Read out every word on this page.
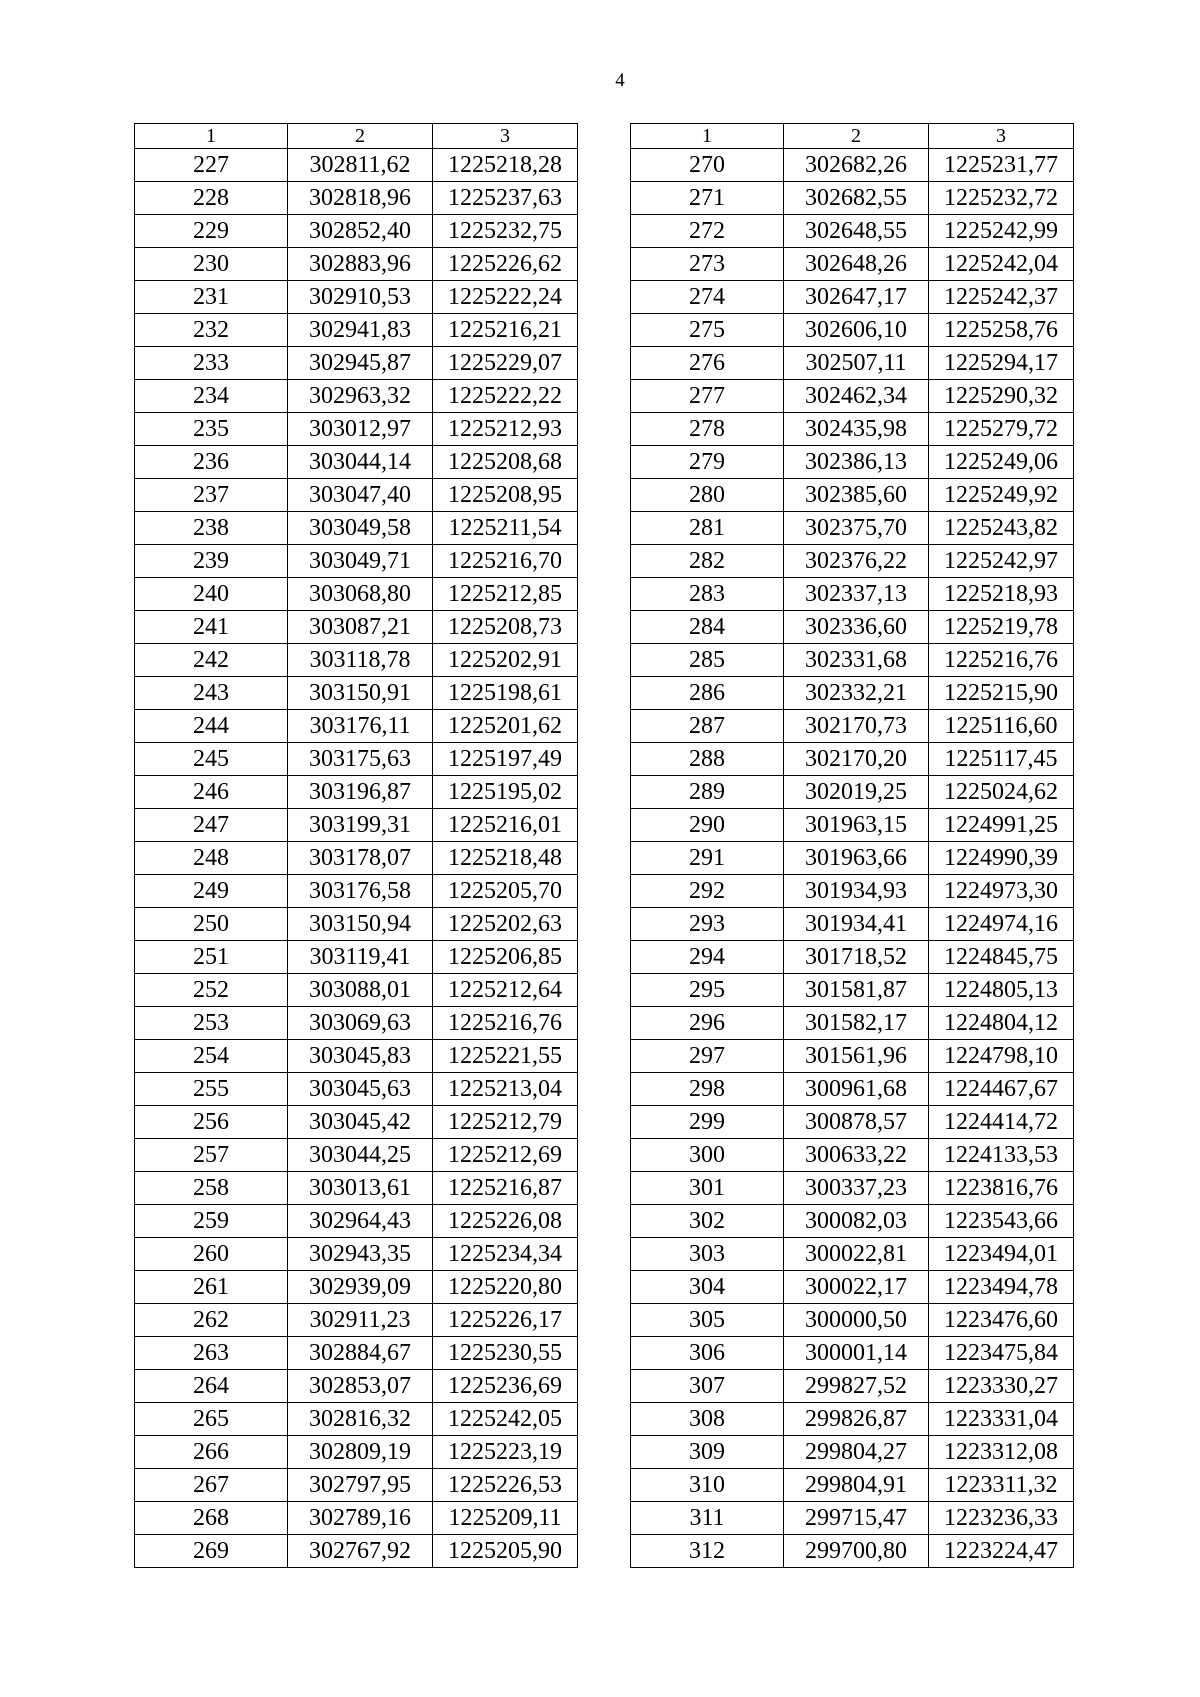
4
1	2	3
227	302811,62	1225218,28
228	302818,96	1225237,63
229	302852,40	1225232,75
230	302883,96	1225226,62
231	302910,53	1225222,24
232	302941,83	1225216,21
233	302945,87	1225229,07
234	302963,32	1225222,22
235	303012,97	1225212,93
236	303044,14	1225208,68
237	303047,40	1225208,95
238	303049,58	1225211,54
239	303049,71	1225216,70
240	303068,80	1225212,85
241	303087,21	1225208,73
242	303118,78	1225202,91
243	303150,91	1225198,61
244	303176,11	1225201,62
245	303175,63	1225197,49
246	303196,87	1225195,02
247	303199,31	1225216,01
248	303178,07	1225218,48
249	303176,58	1225205,70
250	303150,94	1225202,63
251	303119,41	1225206,85
252	303088,01	1225212,64
253	303069,63	1225216,76
254	303045,83	1225221,55
255	303045,63	1225213,04
256	303045,42	1225212,79
257	303044,25	1225212,69
258	303013,61	1225216,87
259	302964,43	1225226,08
260	302943,35	1225234,34
261	302939,09	1225220,80
262	302911,23	1225226,17
263	302884,67	1225230,55
264	302853,07	1225236,69
265	302816,32	1225242,05
266	302809,19	1225223,19
267	302797,95	1225226,53
268	302789,16	1225209,11
269	302767,92	1225205,90
1	2	3
270	302682,26	1225231,77
271	302682,55	1225232,72
272	302648,55	1225242,99
273	302648,26	1225242,04
274	302647,17	1225242,37
275	302606,10	1225258,76
276	302507,11	1225294,17
277	302462,34	1225290,32
278	302435,98	1225279,72
279	302386,13	1225249,06
280	302385,60	1225249,92
281	302375,70	1225243,82
282	302376,22	1225242,97
283	302337,13	1225218,93
284	302336,60	1225219,78
285	302331,68	1225216,76
286	302332,21	1225215,90
287	302170,73	1225116,60
288	302170,20	1225117,45
289	302019,25	1225024,62
290	301963,15	1224991,25
291	301963,66	1224990,39
292	301934,93	1224973,30
293	301934,41	1224974,16
294	301718,52	1224845,75
295	301581,87	1224805,13
296	301582,17	1224804,12
297	301561,96	1224798,10
298	300961,68	1224467,67
299	300878,57	1224414,72
300	300633,22	1224133,53
301	300337,23	1223816,76
302	300082,03	1223543,66
303	300022,81	1223494,01
304	300022,17	1223494,78
305	300000,50	1223476,60
306	300001,14	1223475,84
307	299827,52	1223330,27
308	299826,87	1223331,04
309	299804,27	1223312,08
310	299804,91	1223311,32
311	299715,47	1223236,33
312	299700,80	1223224,47
